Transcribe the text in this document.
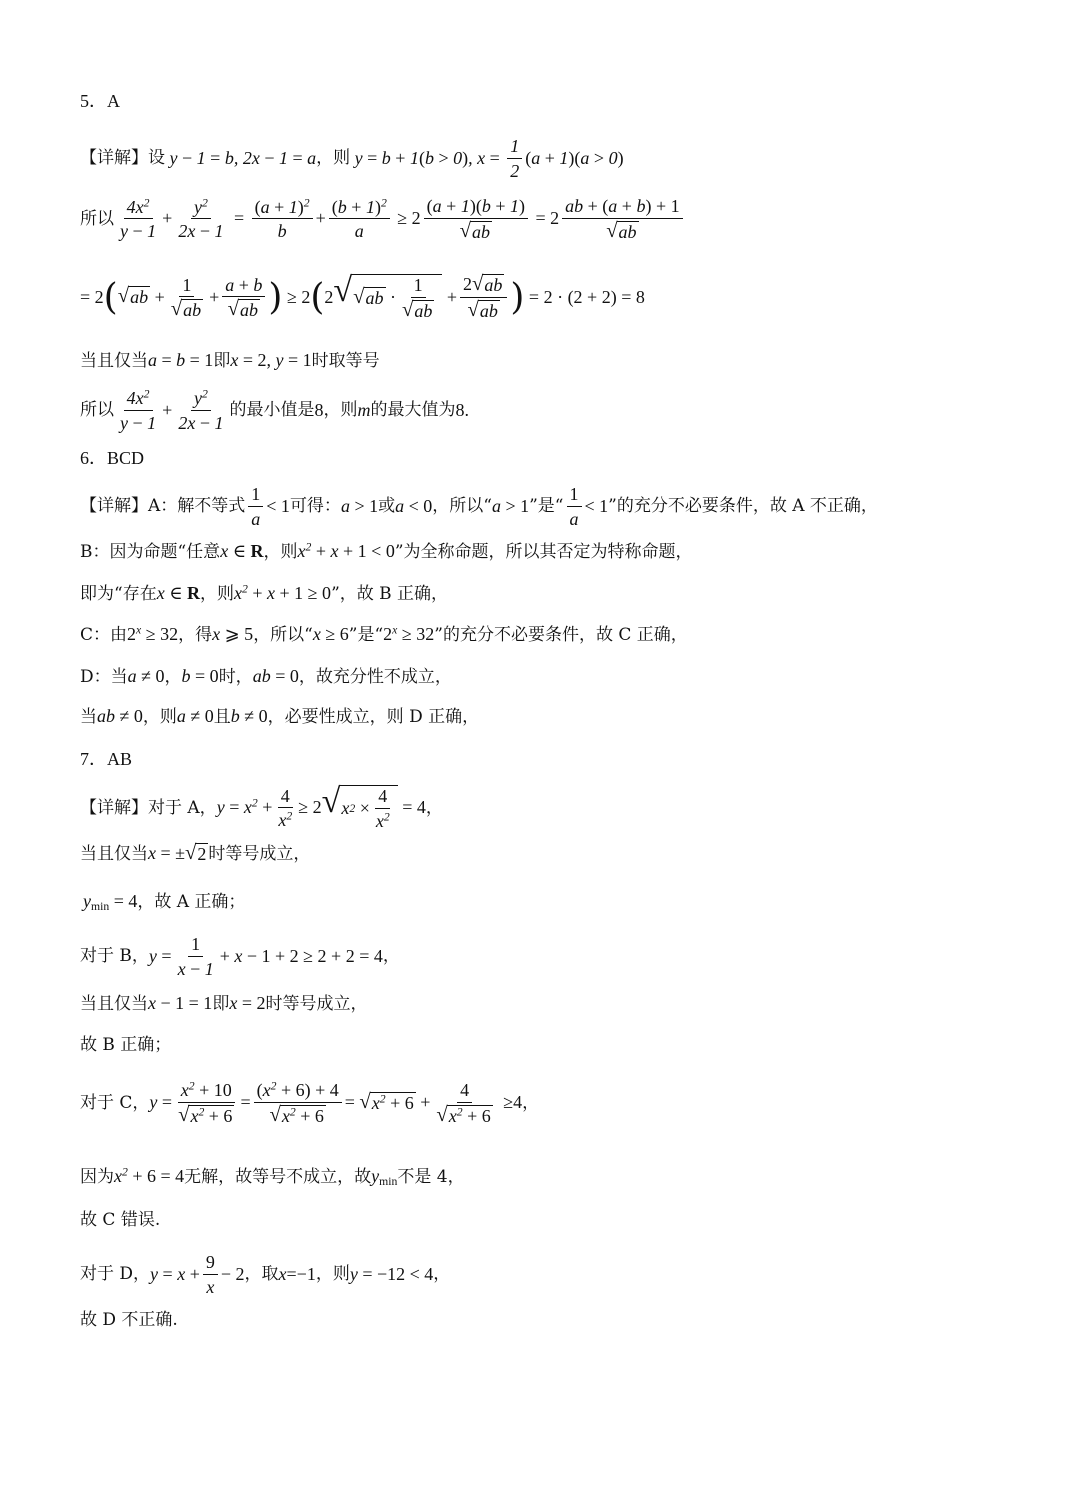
5．A
【详解】 设 y − 1 = b, 2x − 1 = a ，则 y = b + 1(b > 0), $x = \frac{1}{2} (a + 1)(a > 0)$
所以 $\frac{4x^2}{y - 1} + \frac{y^2}{2x - 1} = \frac{(a + 1)^2}{b} + \frac{(b + 1)^2}{a} \ge 2 \frac{(a + 1)(b + 1)}{√ ab} = 2 \frac{ab + (a + b) + 1}{√ ab}$
= 2 ( √ ab + $\frac{1}{√ ab} + \frac{a + b}{√ ab}$ ) ≥ 2 ( 2 √ √ ab · $\frac{1}{√ ab} + \frac{2 √ ab}{√ ab}$ ) = 2 · (2 + 2) = 8
当且仅当 a = b = 1 即 x = 2, y = 1 时取等号
所以 $\frac{4x^2}{y - 1} + \frac{y^2}{2x - 1}$ 的最小值是 8 ，则 m 的最大值为 8.
6．BCD
【详解】A：解不等式 $\frac{1}{a} < 1$ 可得： a > 1 或 a < 0 ，所以“ a > 1 ”是“ $\frac{1}{a} < 1$ ”的充分不必要条件，故 A 不正确，
B：因为命题“任意 x ∈ R ，则 $x^2 + x + 1 < 0$ ”为全称命题，所以其否定为特称命题，
即为“存在 x ∈ R ，则 $x^2 + x + 1 \ge 0$ ”，故 B 正确，
C：由 $2^x \ge 32$ ，得 x ⩾ 5 ，所以“ x ≥ 6 ”是“ $2^x \ge 32$ ”的充分不必要条件，故 C 正确，
D：当 a ≠ 0 ， b = 0 时， ab = 0 ，故充分性不成立，
当 ab ≠ 0 ，则 a ≠ 0 且 b ≠ 0 ，必要性成立，则 D 正确，
7．AB
【详解】对于 A， $y = x^2 + \frac{4}{x^2} \ge 2$ √ x $2 \times \frac{4}{x^2} = 4$ ，
当且仅当 x = ± √ 2 时等号成立，
$y_{min} = 4$ ，故 A 正确；
对于 B， $y = \frac{1}{x - 1} + x - 1 + 2 \ge 2 + 2 = 4$ ，
当且仅当 x − 1 = 1 即 x = 2 时等号成立，
故 B 正确；
对于 C， $y = \frac{x^2 + 10}{√ x^2 + 6} = \frac{(x^2 + 6) + 4}{√ x^2 + 6}$ = √ $x^2 + 6 + \frac{4}{√ x^2 + 6} \ge 4$ ，
因为 $x^2 + 6 = 4$ 无解，故等号不成立，故 $y_{min}$ 不是 4，
故 C 错误.
对于 D， $y = x + \frac{9}{x} - 2$ ，取 x=−1 ，则 y = −12 < 4 ，
故 D 不正确.
